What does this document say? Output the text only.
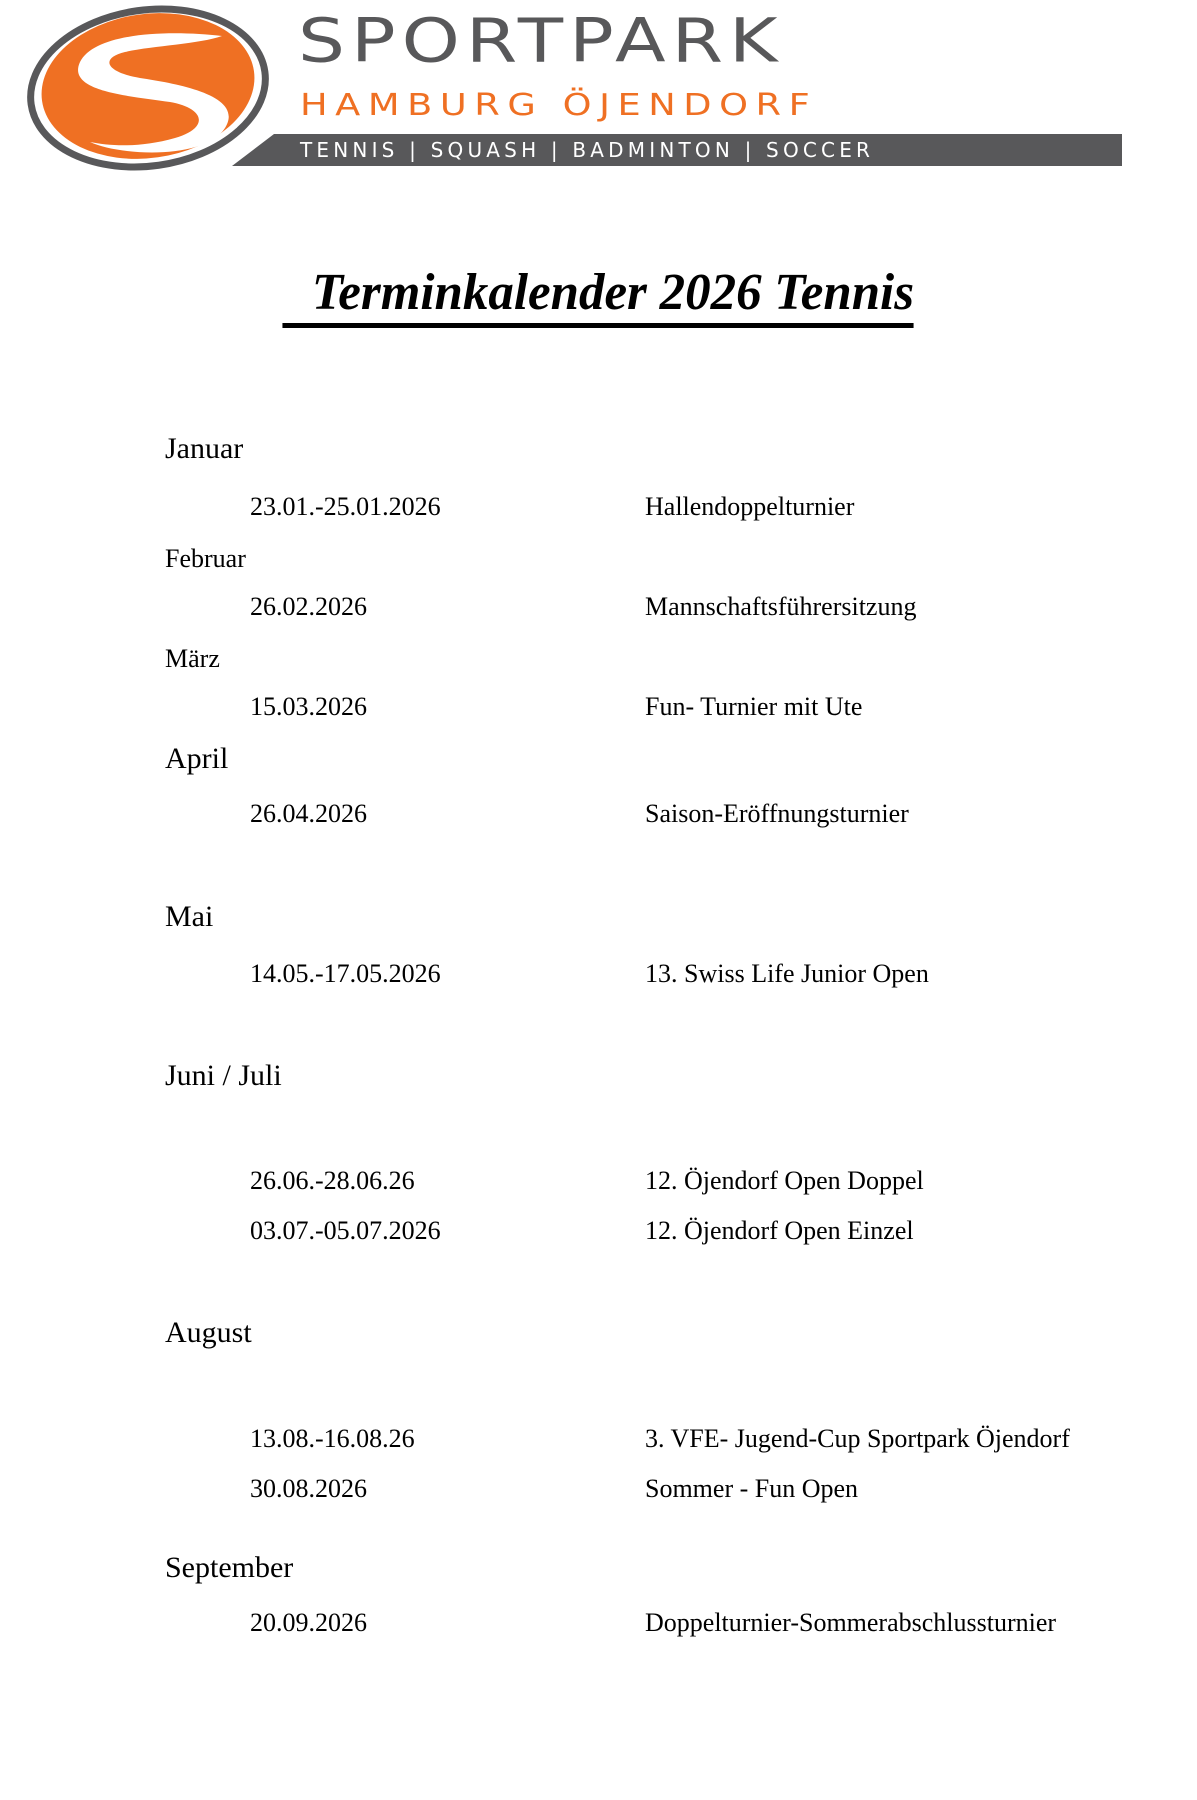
SPORTPARK
HAMBURG ÖJENDORF
TENNIS | SQUASH | BADMINTON | SOCCER
Terminkalender 2026 Tennis
Januar
23.01.-25.01.2026	Hallendoppelturnier
Februar
26.02.2026	Mannschaftsführersitzung
März
15.03.2026	Fun- Turnier mit Ute
April
26.04.2026	Saison-Eröffnungsturnier
Mai
14.05.-17.05.2026	13. Swiss Life Junior Open
Juni / Juli
26.06.-28.06.26	12. Öjendorf Open Doppel
03.07.-05.07.2026	12. Öjendorf Open Einzel
August
13.08.-16.08.26	3. VFE- Jugend-Cup Sportpark Öjendorf
30.08.2026	Sommer - Fun Open
September
20.09.2026	Doppelturnier-Sommerabschlussturnier
